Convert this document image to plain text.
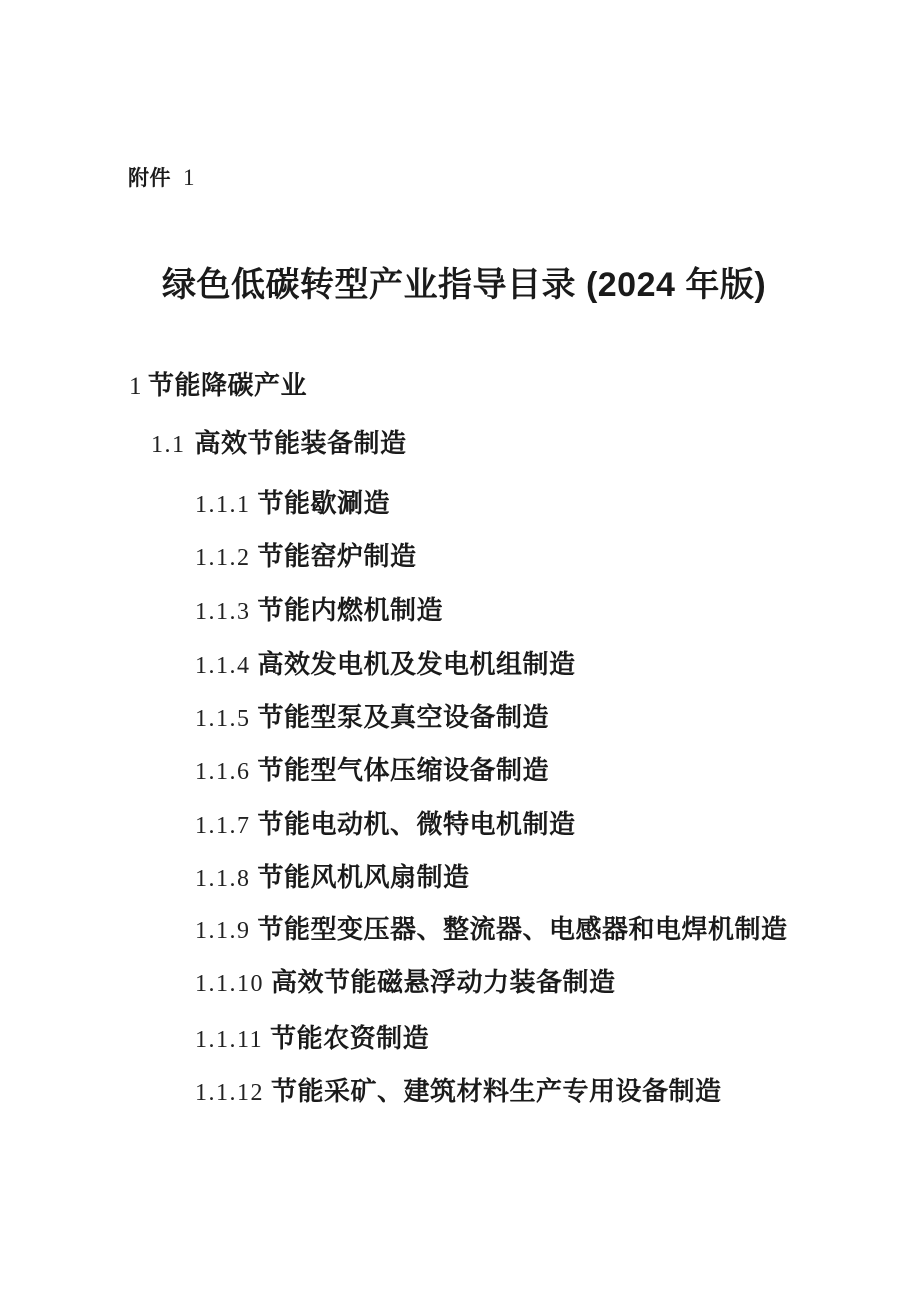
附件 1
绿色低碳转型产业指导目录 (2024 年版)
1 节能降碳产业
1.1 高效节能装备制造
1.1.1 节能歇涮造
1.1.2 节能窑炉制造
1.1.3 节能内燃机制造
1.1.4 高效发电机及发电机组制造
1.1.5 节能型泵及真空设备制造
1.1.6 节能型气体压缩设备制造
1.1.7 节能电动机、微特电机制造
1.1.8 节能风机风扇制造
1.1.9 节能型变压器、整流器、电感器和电焊机制造
1.1.10 高效节能磁悬浮动力装备制造
1.1.11 节能农资制造
1.1.12 节能采矿、建筑材料生产专用设备制造
